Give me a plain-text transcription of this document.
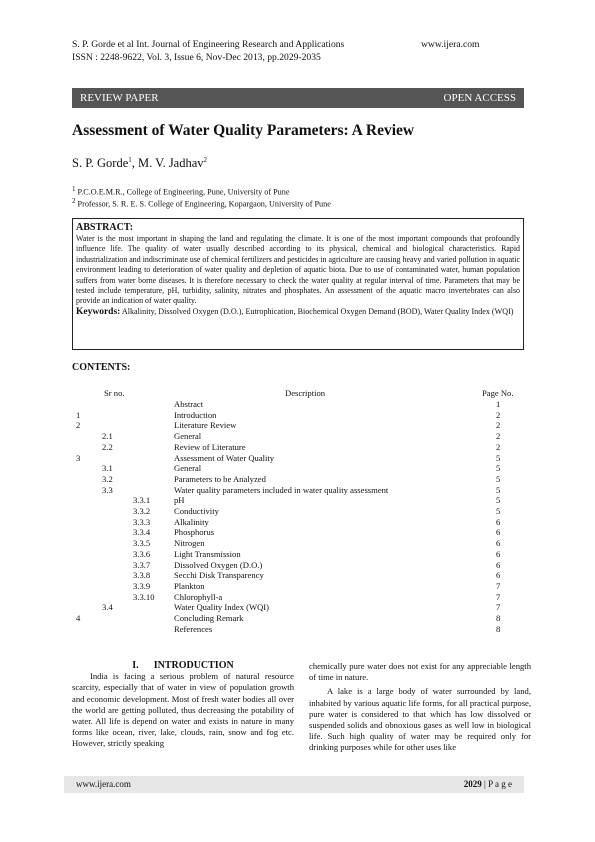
S. P. Gorde et al Int. Journal of Engineering Research and Applications	www.ijera.com
ISSN : 2248-9622, Vol. 3, Issue 6, Nov-Dec 2013, pp.2029-2035
REVIEW PAPER	OPEN ACCESS
Assessment of Water Quality Parameters: A Review
S. P. Gorde$^1$, M. V. Jadhav$^2$
$^1$ P.C.O.E.M.R., College of Engineering, Pune, University of Pune
$^2$ Professor, S. R. E. S. College of Engineering, Kopargaon, University of Pune
ABSTRACT:
Water is the most important in shaping the land and regulating the climate. It is one of the most important compounds that profoundly influence life. The quality of water usually described according to its physical, chemical and biological characteristics. Rapid industrialization and indiscriminate use of chemical fertilizers and pesticides in agriculture are causing heavy and varied pollution in aquatic environment leading to deterioration of water quality and depletion of aquatic biota. Due to use of contaminated water, human population suffers from water borne diseases. It is therefore necessary to check the water quality at regular interval of time. Parameters that may be tested include temperature, pH, turbidity, salinity, nitrates and phosphates. An assessment of the aquatic macro invertebrates can also provide an indication of water quality.
Keywords: Alkalinity, Dissolved Oxygen (D.O.), Eutrophication, Biochemical Oxygen Demand (BOD), Water Quality Index (WQI)
CONTENTS:
Sr no.	Description	Page No.
Abstract	1
1	Introduction	2
2	Literature Review	2
2.1	General	2
2.2	Review of Literature	2
3	Assessment of Water Quality	5
3.1	General	5
3.2	Parameters to be Analyzed	5
3.3	Water quality parameters included in water quality assessment	5
3.3.1	pH	5
3.3.2	Conductivity	5
3.3.3	Alkalinity	6
3.3.4	Phosphorus	6
3.3.5	Nitrogen	6
3.3.6	Light Transmission	6
3.3.7	Dissolved Oxygen (D.O.)	6
3.3.8	Secchi Disk Transparency	6
3.3.9	Plankton	7
3.3.10 Chlorophyll-a	7
3.4	Water Quality Index (WQI)	7
4	Concluding Remark	8
References	8
I. INTRODUCTION
India is facing a serious problem of natural resource scarcity, especially that of water in view of population growth and economic development. Most of fresh water bodies all over the world are getting polluted, thus decreasing the potability of water. All life is depend on water and exists in nature in many forms like ocean, river, lake, clouds, rain, snow and fog etc. However, strictly speaking
chemically pure water does not exist for any appreciable length of time in nature.
A lake is a large body of water surrounded by land, inhabited by various aquatic life forms, for all practical purpose, pure water is considered to that which has low dissolved or suspended solids and obnoxious gases as well low in biological life. Such high quality of water may be required only for drinking purposes while for other uses like
www.ijera.com	2029 | P a g e
